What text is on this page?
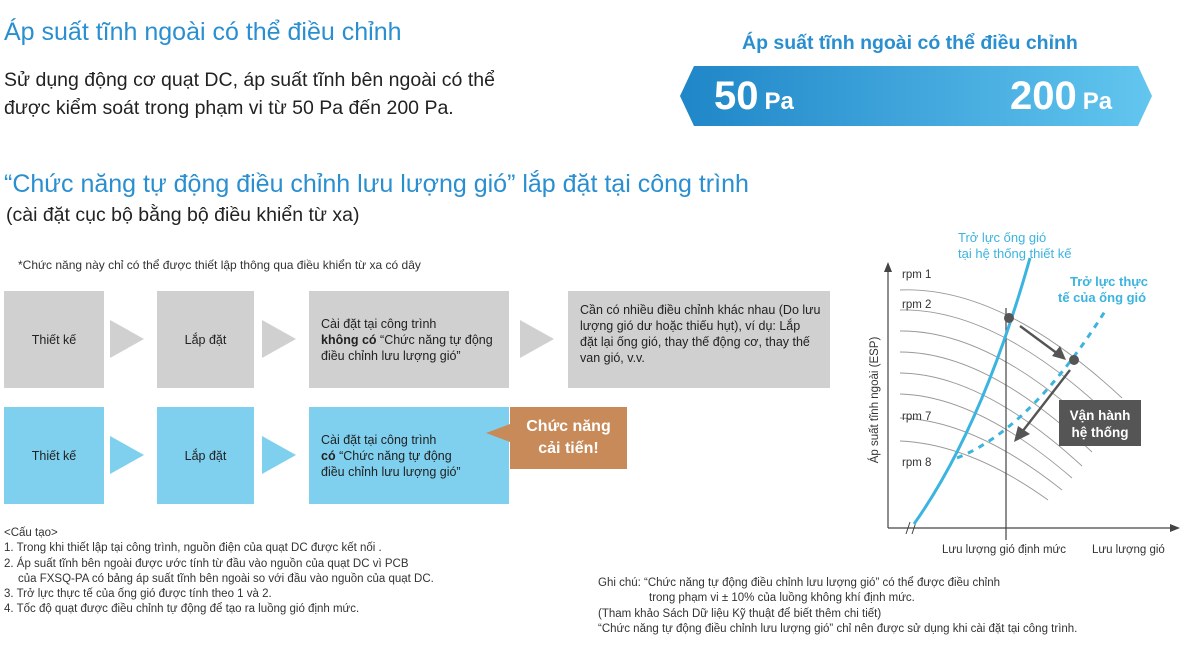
Áp suất tĩnh ngoài có thể điều chỉnh
Sử dụng động cơ quạt DC, áp suất tĩnh bên ngoài có thể
được kiểm soát trong phạm vi từ 50 Pa đến 200 Pa.
Áp suất tĩnh ngoài có thể điều chỉnh
50 Pa	200 Pa
“Chức năng tự động điều chỉnh lưu lượng gió” lắp đặt tại công trình
(cài đặt cục bộ bằng bộ điều khiển từ xa)
*Chức năng này chỉ có thể được thiết lập thông qua điều khiển từ xa có dây
Thiết kế	Lắp đặt
Cài đặt tại công trình
không có “Chức năng tự động
điều chỉnh lưu lượng gió”
Cần có nhiều điều chỉnh khác nhau (Do lưu
lượng gió dư hoặc thiếu hụt), ví dụ: Lắp
đặt lại ống gió, thay thế động cơ, thay thế
van gió, v.v.
Thiết kế	Lắp đặt
Cài đặt tại công trình
có “Chức năng tự động
điều chỉnh lưu lượng gió”
Chức năng
cải tiến!
<Cấu tạo>
1. Trong khi thiết lập tại công trình, nguồn điện của quạt DC được kết nối .
2. Áp suất tĩnh bên ngoài được ước tính từ đầu vào nguồn của quạt DC vì PCB
của FXSQ-PA có bảng áp suất tĩnh bên ngoài so với đầu vào nguồn của quạt DC.
3. Trở lực thực tế của ống gió được tính theo 1 và 2.
4. Tốc độ quạt được điều chỉnh tự động để tạo ra luồng gió định mức.
Ghi chú: “Chức năng tự động điều chỉnh lưu lượng gió” có thể được điều chỉnh
trong phạm vi ± 10% của luồng không khí định mức.
(Tham khảo Sách Dữ liệu Kỹ thuật để biết thêm chi tiết)
“Chức năng tự động điều chỉnh lưu lượng gió” chỉ nên được sử dụng khi cài đặt tại công trình.
Vận hành
hệ thống
Trở lực ống gió
tại hệ thống thiết kế
Trở lực thực
tế của ống gió
rpm 1
rpm 2
rpm 7
rpm 8
Áp suất tĩnh ngoài (ESP)
Lưu lượng gió định mức Lưu lượng gió
